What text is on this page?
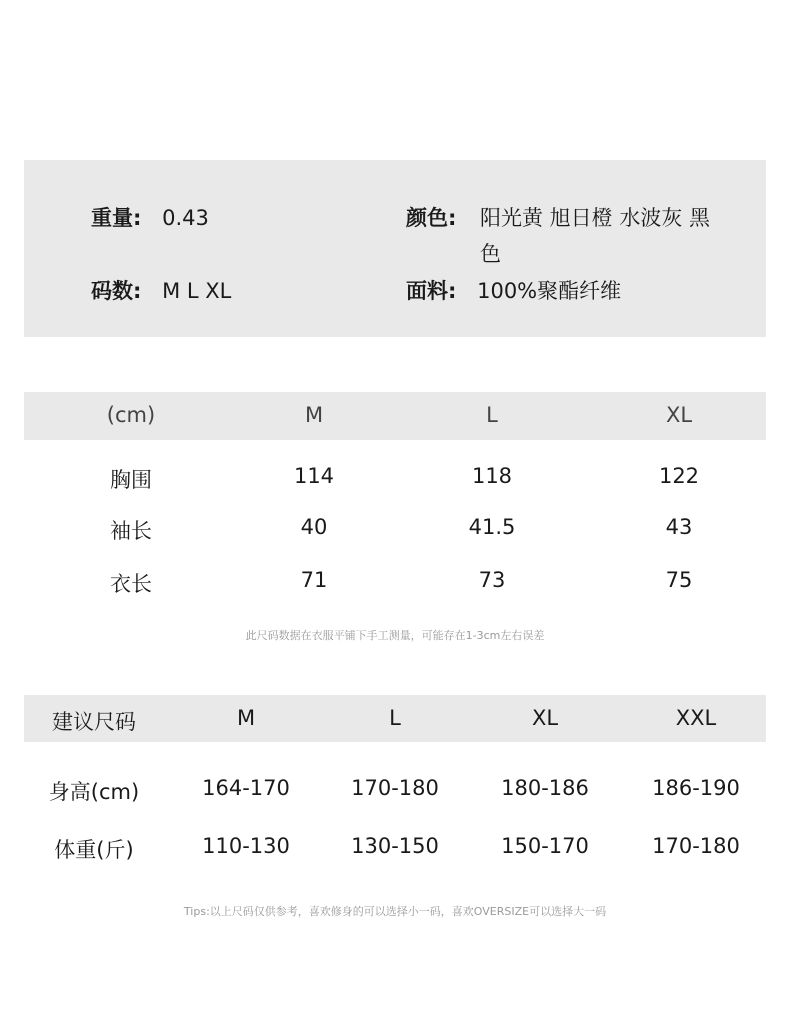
重量: 0.43
码数: M L XL
颜色: 阳光黄 旭日橙 水波灰 黑色
面料: 100%聚酯纤维
(cm)	M	L	XL
胸围	114	118	122
袖长	40	41.5	43
衣长	71	73	75
此尺码数据在衣服平铺下手工测量，可能存在1-3cm左右误差
建议尺码	M	L	XL	XXL
身高(cm)	164-170	170-180	180-186	186-190
体重(斤)	110-130	130-150	150-170	170-180
Tips:以上尺码仅供参考，喜欢修身的可以选择小一码，喜欢OVERSIZE可以选择大一码
